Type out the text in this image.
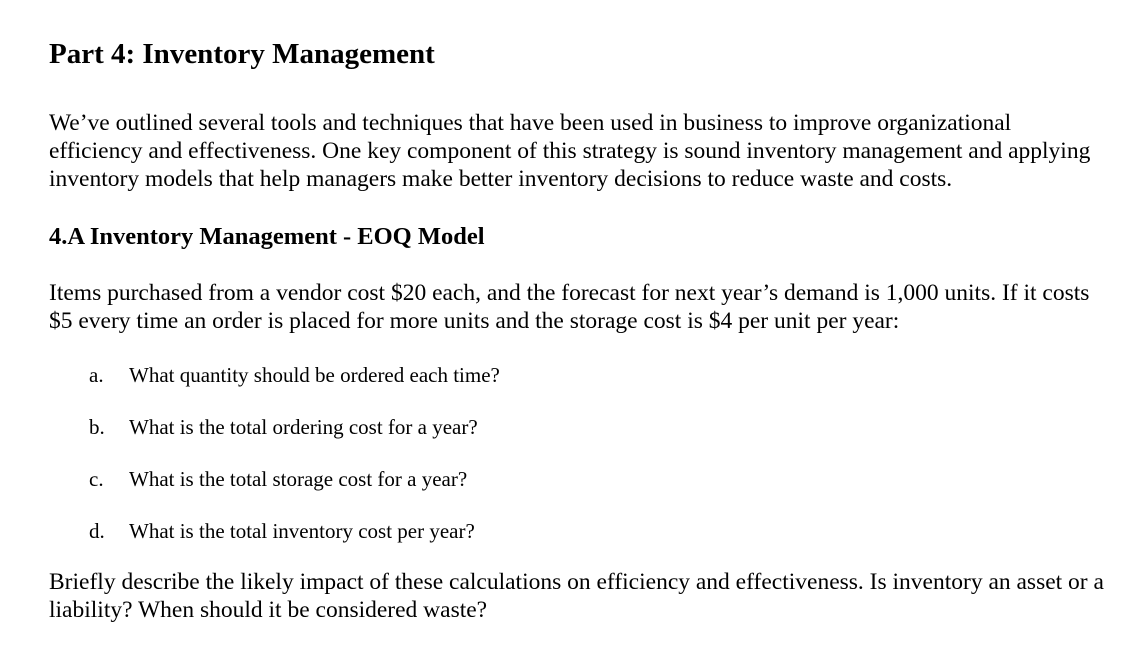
Part 4: Inventory Management
We’ve outlined several tools and techniques that have been used in business to improve organizational efficiency and effectiveness. One key component of this strategy is sound inventory management and applying inventory models that help managers make better inventory decisions to reduce waste and costs.
4.A Inventory Management - EOQ Model
Items purchased from a vendor cost $20 each, and the forecast for next year’s demand is 1,000 units. If it costs $5 every time an order is placed for more units and the storage cost is $4 per unit per year:
a.	What quantity should be ordered each time?
b.	What is the total ordering cost for a year?
c.	What is the total storage cost for a year?
d.	What is the total inventory cost per year?
Briefly describe the likely impact of these calculations on efficiency and effectiveness. Is inventory an asset or a liability? When should it be considered waste?
